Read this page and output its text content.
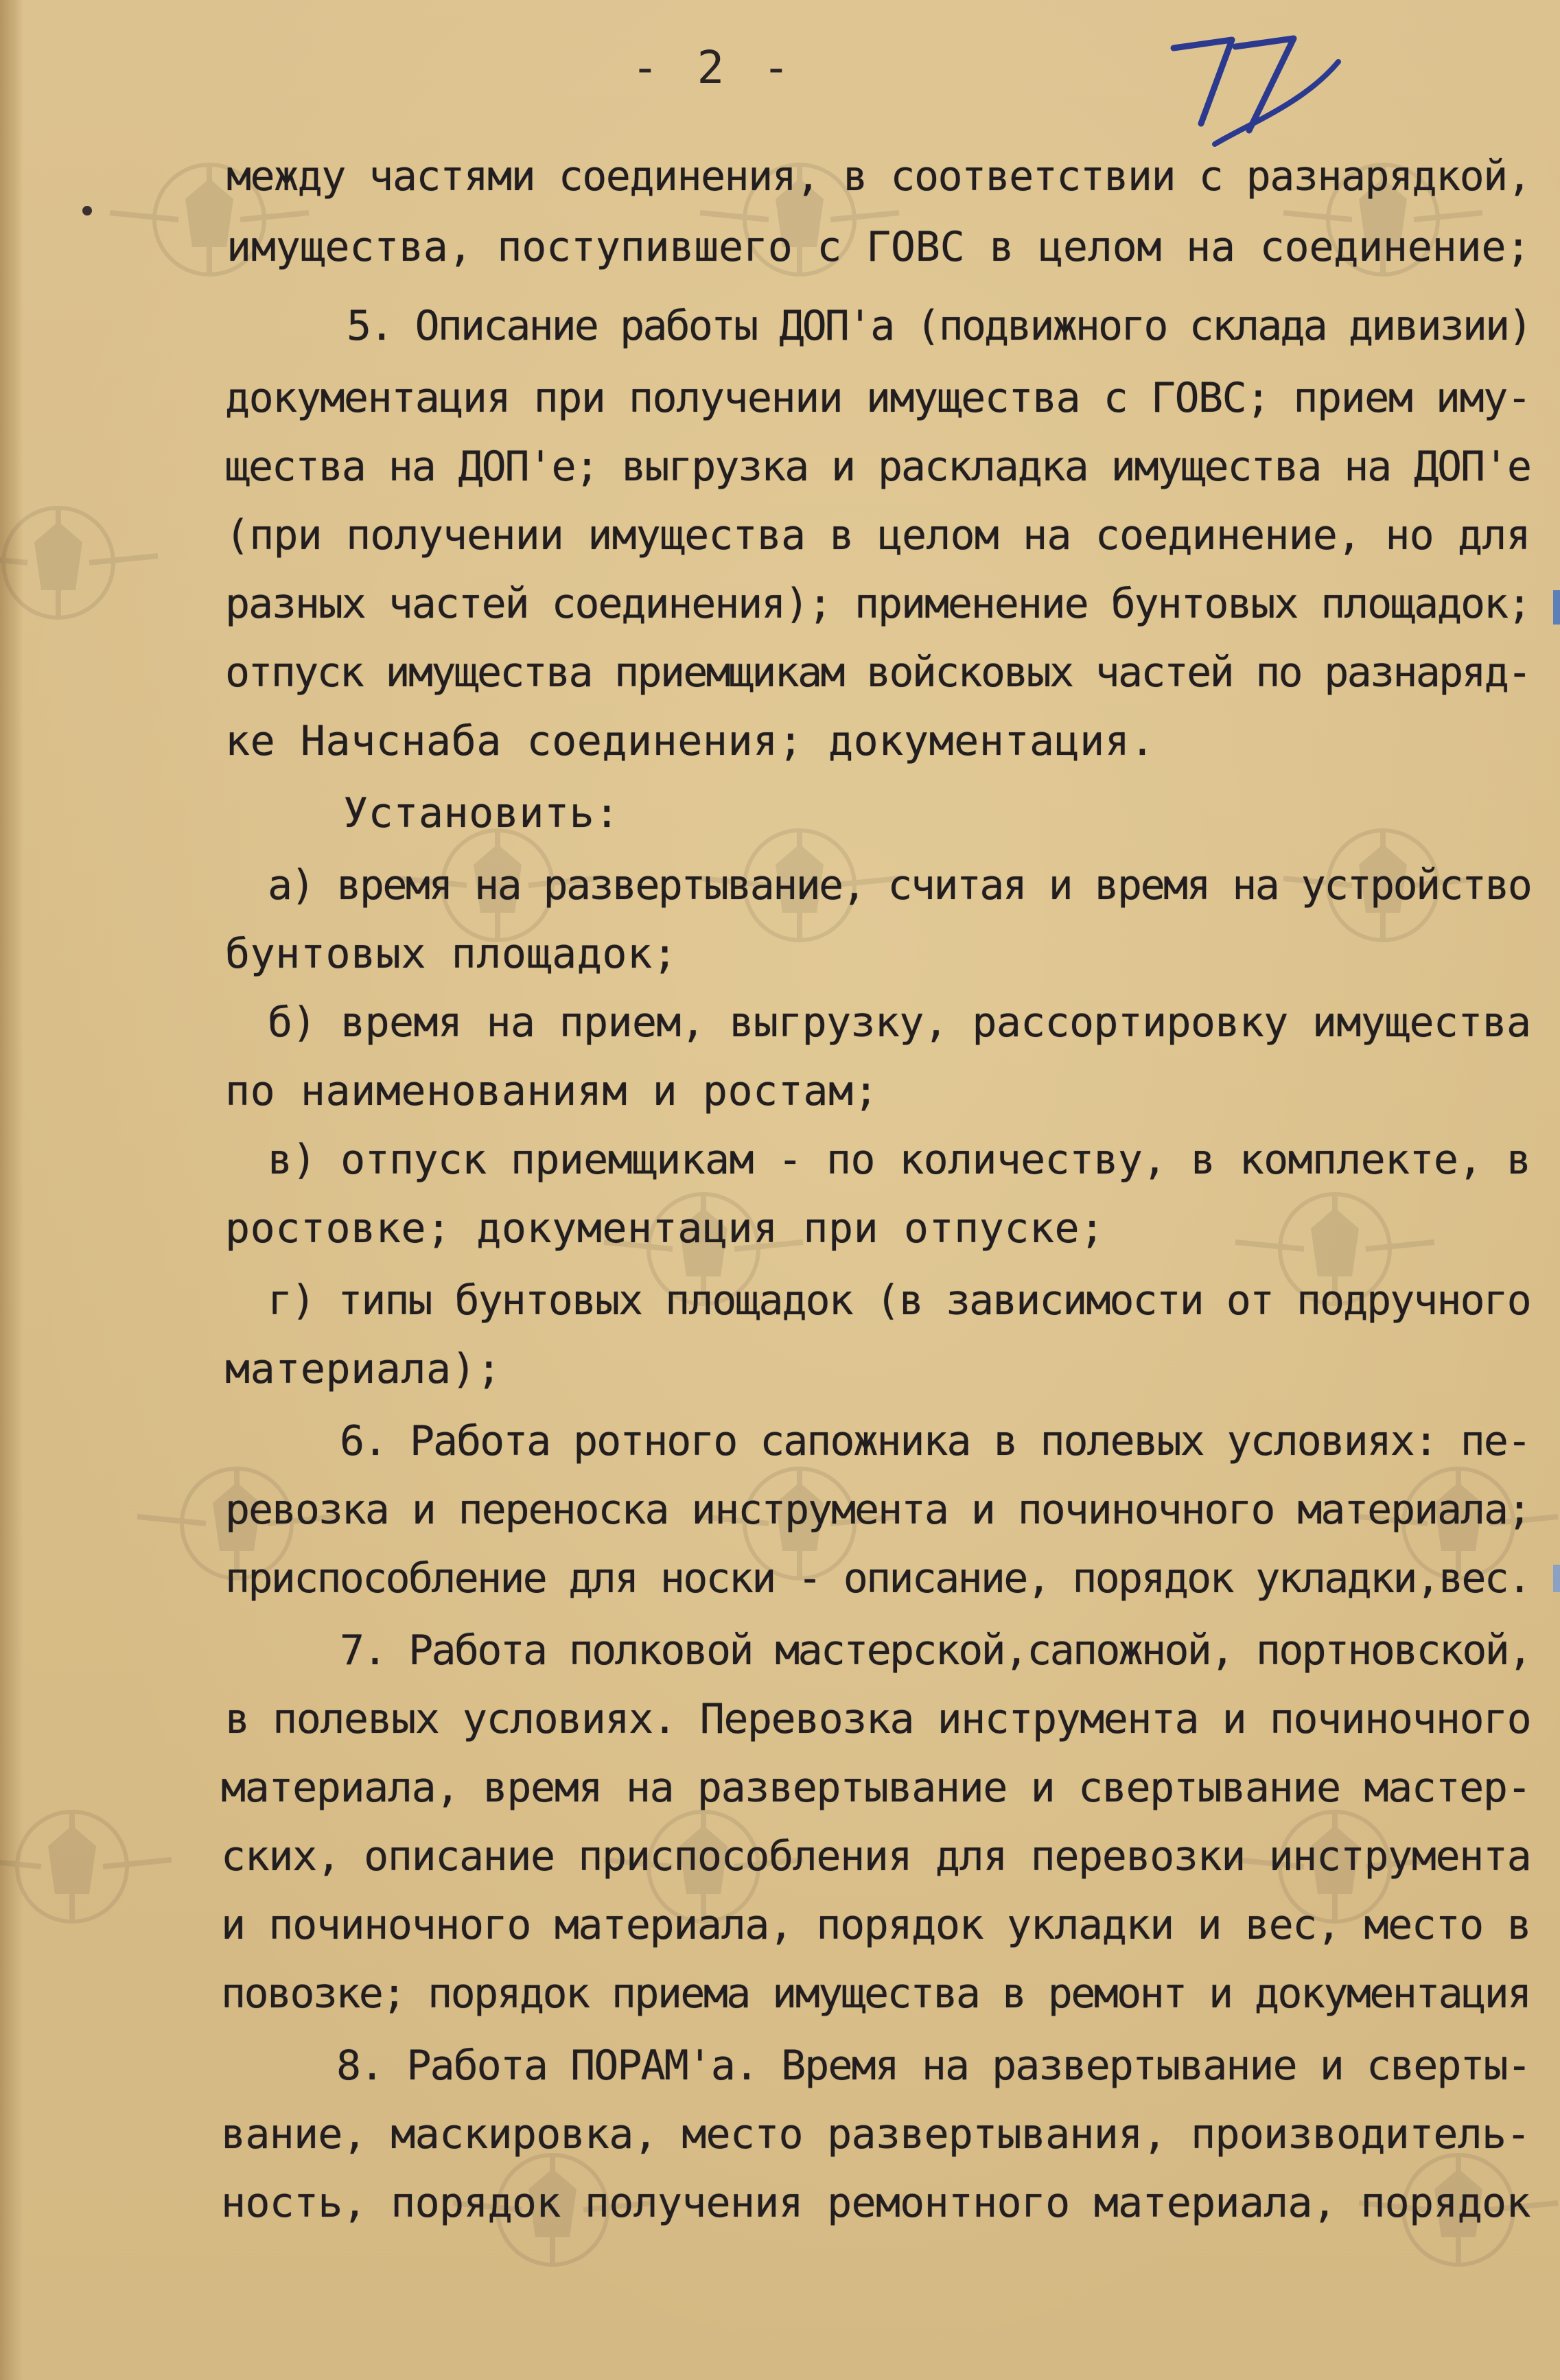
- 2 -
между частями соединения, в соответствии с разнарядкой,
имущества, поступившего с ГОВС в целом на соединение;
5. Описание работы ДОП'а (подвижного склада дивизии)
документация при получении имущества с ГОВС; прием иму-
щества на ДОП'е; выгрузка и раскладка имущества на ДОП'е
(при получении имущества в целом на соединение, но для
разных частей соединения); применение бунтовых площадок;
отпуск имущества приемщикам войсковых частей по разнаряд-
ке Начснаба соединения; документация.
Установить:
а) время на развертывание, считая и время на устройство
бунтовых площадок;
б) время на прием, выгрузку, рассортировку имущества
по наименованиям и ростам;
в) отпуск приемщикам - по количеству, в комплекте, в
ростовке; документация при отпуске;
г) типы бунтовых площадок (в зависимости от подручного
материала);
6. Работа ротного сапожника в полевых условиях: пе-
ревозка и переноска инструмента и починочного материала;
приспособление для носки - описание, порядок укладки,вес.
7. Работа полковой мастерской,сапожной, портновской,
в полевых условиях. Перевозка инструмента и починочного
материала, время на развертывание и свертывание мастер-
ских, описание приспособления для перевозки инструмента
и починочного материала, порядок укладки и вес, место в
повозке; порядок приема имущества в ремонт и документация
8. Работа ПОРАМ'а. Время на развертывание и сверты-
вание, маскировка, место развертывания, производитель-
ность, порядок получения ремонтного материала, порядок
